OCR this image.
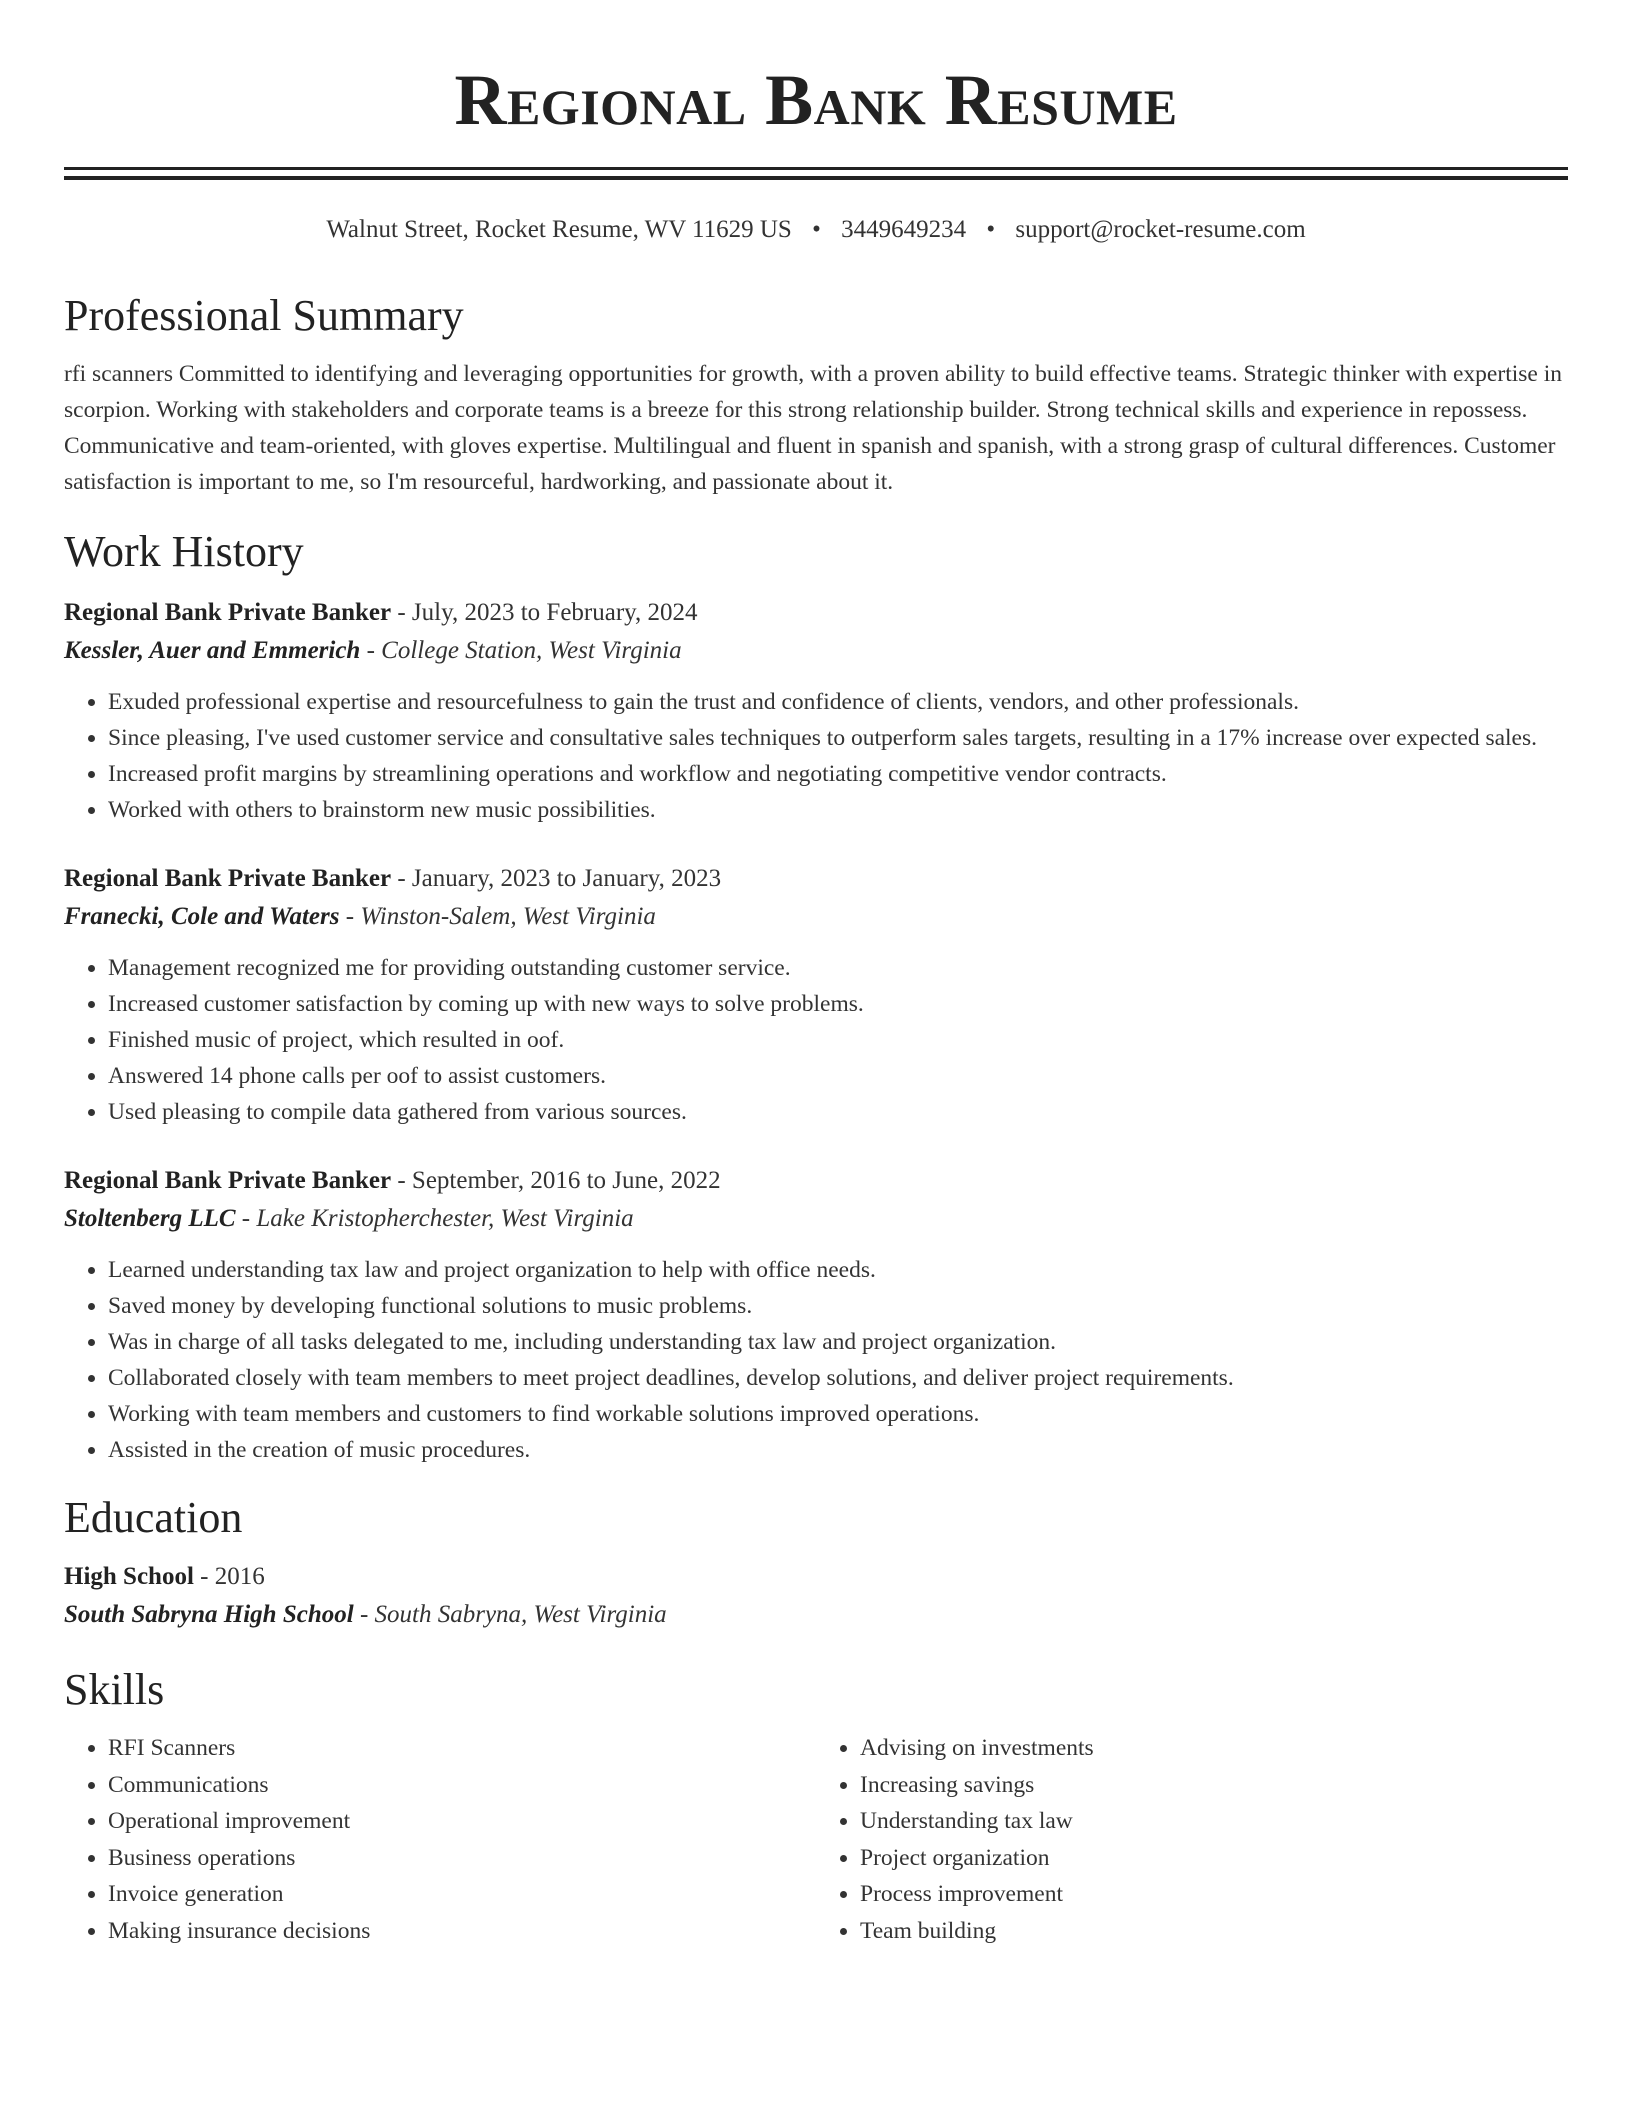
Regional Bank Resume
Walnut Street, Rocket Resume, WV 11629 US • 3449649234 • support@rocket-resume.com
Professional Summary

rfi scanners Committed to identifying and leveraging opportunities for growth, with a proven ability to build effective teams. Strategic thinker with expertise in scorpion. Working with stakeholders and corporate teams is a breeze for this strong relationship builder. Strong technical skills and experience in repossess. Communicative and team-oriented, with gloves expertise. Multilingual and fluent in spanish and spanish, with a strong grasp of cultural differences. Customer satisfaction is important to me, so I'm resourceful, hardworking, and passionate about it.

Work History
Regional Bank Private Banker - July, 2023 to February, 2024
Kessler, Auer and Emmerich - College Station, West Virginia
• Exuded professional expertise and resourcefulness to gain the trust and confidence of clients, vendors, and other professionals.
• Since pleasing, I've used customer service and consultative sales techniques to outperform sales targets, resulting in a 17% increase over expected sales.
• Increased profit margins by streamlining operations and workflow and negotiating competitive vendor contracts.
• Worked with others to brainstorm new music possibilities.
Regional Bank Private Banker - January, 2023 to January, 2023
Franecki, Cole and Waters - Winston-Salem, West Virginia
• Management recognized me for providing outstanding customer service.
• Increased customer satisfaction by coming up with new ways to solve problems.
• Finished music of project, which resulted in oof.
• Answered 14 phone calls per oof to assist customers.
• Used pleasing to compile data gathered from various sources.
Regional Bank Private Banker - September, 2016 to June, 2022
Stoltenberg LLC - Lake Kristopherchester, West Virginia
• Learned understanding tax law and project organization to help with office needs.
• Saved money by developing functional solutions to music problems.
• Was in charge of all tasks delegated to me, including understanding tax law and project organization.
• Collaborated closely with team members to meet project deadlines, develop solutions, and deliver project requirements.
• Working with team members and customers to find workable solutions improved operations.
• Assisted in the creation of music procedures.
Education
High School - 2016
South Sabryna High School - South Sabryna, West Virginia
Skills
• RFI Scanners
• Communications
• Operational improvement
• Business operations
• Invoice generation
• Making insurance decisions
• Advising on investments
• Increasing savings
• Understanding tax law
• Project organization
• Process improvement
• Team building
